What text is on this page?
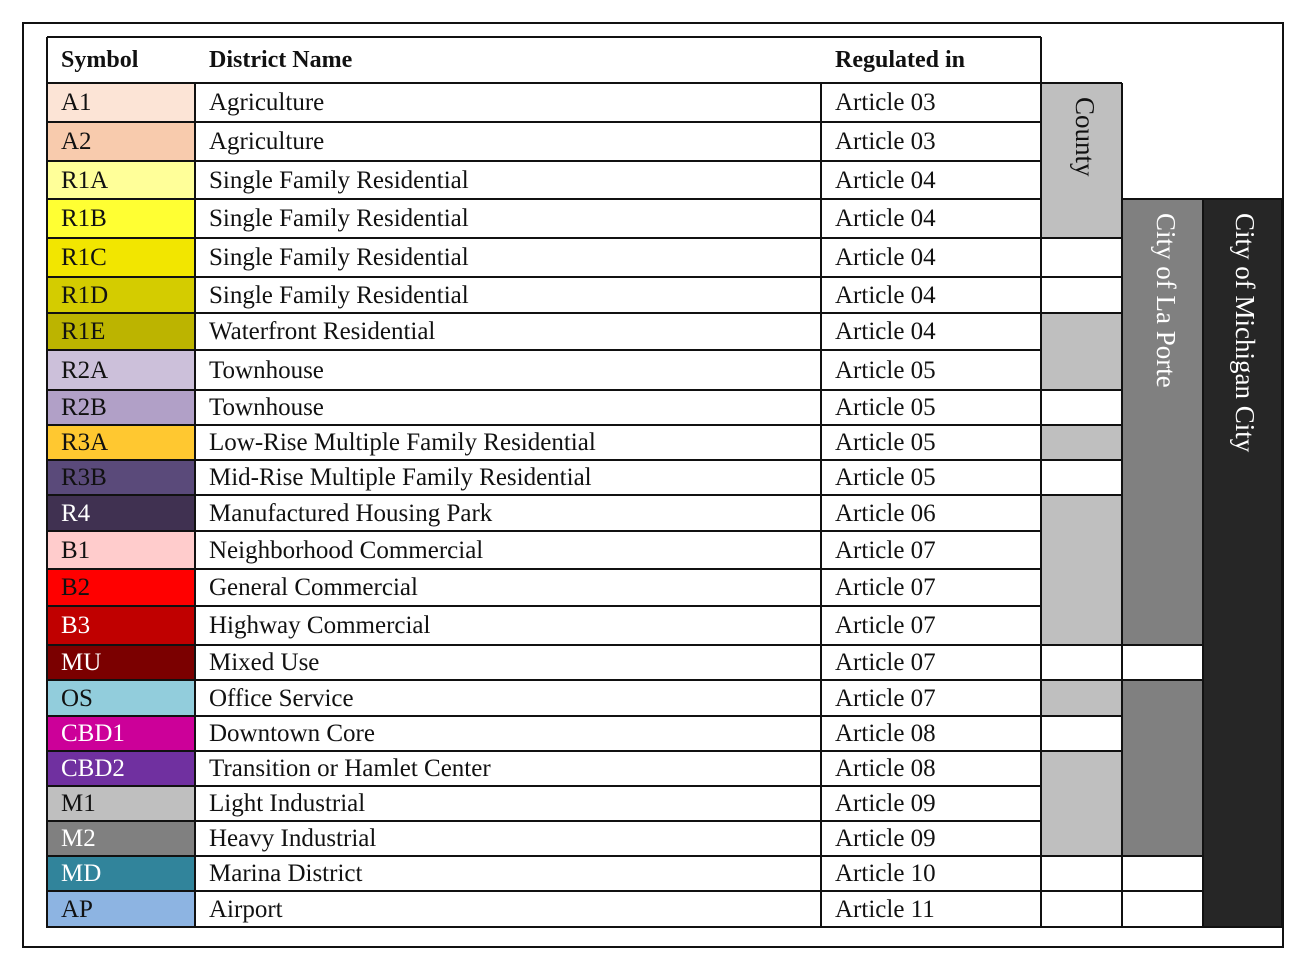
Symbol	District Name	Regulated in
A1	Agriculture	Article 03
A2	Agriculture	Article 03
R1A	Single Family Residential	Article 04
R1B	Single Family Residential	Article 04
R1C	Single Family Residential	Article 04
R1D	Single Family Residential	Article 04
R1E	Waterfront Residential	Article 04
R2A	Townhouse	Article 05
R2B	Townhouse	Article 05
R3A	Low-Rise Multiple Family Residential	Article 05
R3B	Mid-Rise Multiple Family Residential	Article 05
R4	Manufactured Housing Park	Article 06
B1	Neighborhood Commercial	Article 07
B2	General Commercial	Article 07
B3	Highway Commercial	Article 07
MU	Mixed Use	Article 07
OS	Office Service	Article 07
CBD1	Downtown Core	Article 08
CBD2	Transition or Hamlet Center	Article 08
M1	Light Industrial	Article 09
M2	Heavy Industrial	Article 09
MD	Marina District	Article 10
AP	Airport	Article 11
County
City of La Porte City of Michigan City
